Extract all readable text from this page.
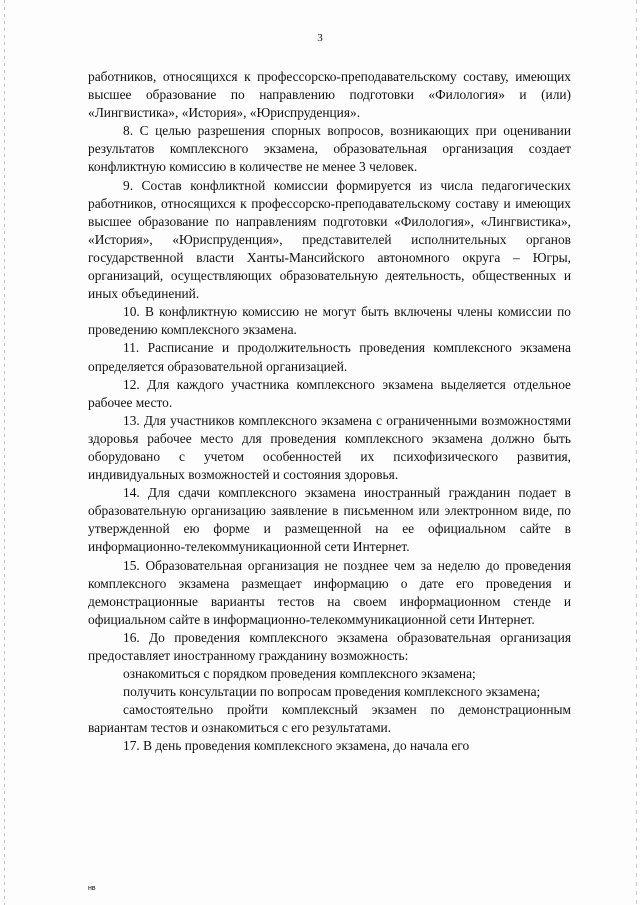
3

работников, относящихся к профессорско-преподавательскому составу, имеющих высшее образование по направлению подготовки «Филология» и (или) «Лингвистика», «История», «Юриспруденция».

8. С целью разрешения спорных вопросов, возникающих при оценивании результатов комплексного экзамена, образовательная организация создает конфликтную комиссию в количестве не менее 3 человек.

9. Состав конфликтной комиссии формируется из числа педагогических работников, относящихся к профессорско-преподавательскому составу и имеющих высшее образование по направлениям подготовки «Филология», «Лингвистика», «История», «Юриспруденция», представителей исполнительных органов государственной власти Ханты-Мансийского автономного округа – Югры, организаций, осуществляющих образовательную деятельность, общественных и иных объединений.

10. В конфликтную комиссию не могут быть включены члены комиссии по проведению комплексного экзамена.

11. Расписание и продолжительность проведения комплексного экзамена определяется образовательной организацией.

12. Для каждого участника комплексного экзамена выделяется отдельное рабочее место.

13. Для участников комплексного экзамена с ограниченными возможностями здоровья рабочее место для проведения комплексного экзамена должно быть оборудовано с учетом особенностей их психофизического развития, индивидуальных возможностей и состояния здоровья.

14. Для сдачи комплексного экзамена иностранный гражданин подает в образовательную организацию заявление в письменном или электронном виде, по утвержденной ею форме и размещенной на ее официальном сайте в информационно-телекоммуникационной сети Интернет.

15. Образовательная организация не позднее чем за неделю до проведения комплексного экзамена размещает информацию о дате его проведения и демонстрационные варианты тестов на своем информационном стенде и официальном сайте в информационно-телекоммуникационной сети Интернет.

16. До проведения комплексного экзамена образовательная организация предоставляет иностранному гражданину возможность:

ознакомиться с порядком проведения комплексного экзамена;

получить консультации по вопросам проведения комплексного экзамена;

самостоятельно пройти комплексный экзамен по демонстрационным вариантам тестов и ознакомиться с его результатами.

17. В день проведения комплексного экзамена, до начала его

нв
